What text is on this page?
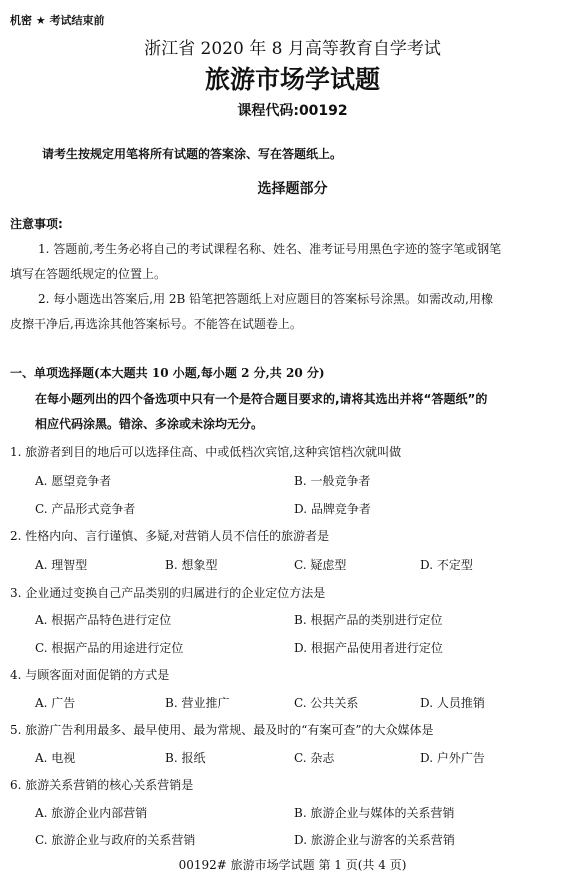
机密 ★ 考试结束前
浙江省 2020 年 8 月高等教育自学考试
旅游市场学试题
课程代码:00192
请考生按规定用笔将所有试题的答案涂、写在答题纸上。
选择题部分
注意事项:
1. 答题前,考生务必将自己的考试课程名称、姓名、准考证号用黑色字迹的签字笔或钢笔
填写在答题纸规定的位置上。
2. 每小题选出答案后,用 2B 铅笔把答题纸上对应题目的答案标号涂黑。如需改动,用橡
皮擦干净后,再选涂其他答案标号。不能答在试题卷上。
一、单项选择题(本大题共 10 小题,每小题 2 分,共 20 分)
在每小题列出的四个备选项中只有一个是符合题目要求的,请将其选出并将“答题纸”的
相应代码涂黑。错涂、多涂或未涂均无分。
1. 旅游者到目的地后可以选择住高、中或低档次宾馆,这种宾馆档次就叫做
A. 愿望竞争者	B. 一般竞争者
C. 产品形式竞争者	D. 品牌竞争者
2. 性格内向、言行谨慎、多疑,对营销人员不信任的旅游者是
A. 理智型	B. 想象型	C. 疑虑型	D. 不定型
3. 企业通过变换自己产品类别的归属进行的企业定位方法是
A. 根据产品特色进行定位	B. 根据产品的类别进行定位
C. 根据产品的用途进行定位	D. 根据产品使用者进行定位
4. 与顾客面对面促销的方式是
A. 广告	B. 营业推广	C. 公共关系	D. 人员推销
5. 旅游广告利用最多、最早使用、最为常规、最及时的“有案可查”的大众媒体是
A. 电视	B. 报纸	C. 杂志	D. 户外广告
6. 旅游关系营销的核心关系营销是
A. 旅游企业内部营销	B. 旅游企业与媒体的关系营销
C. 旅游企业与政府的关系营销	D. 旅游企业与游客的关系营销
00192# 旅游市场学试题 第 1 页(共 4 页)
